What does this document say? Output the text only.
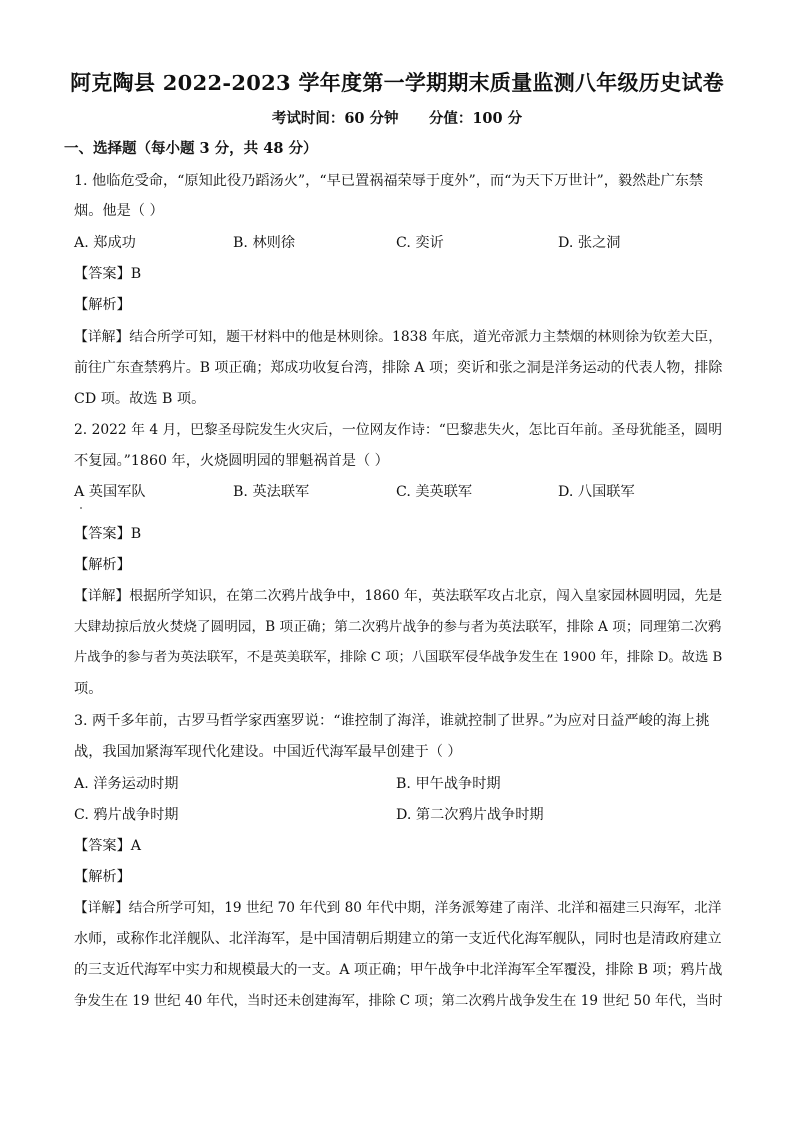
阿克陶县 2022-2023 学年度第一学期期末质量监测八年级历史试卷
考试时间：60 分钟      分值：100 分
一、选择题（每小题 3 分，共 48 分）
1. 他临危受命，“原知此役乃蹈汤火”，“早已置祸福荣辱于度外”，而“为天下万世计”，毅然赴广东禁
烟。他是（ ）
A. 郑成功	B. 林则徐	C. 奕䜣	D. 张之洞
【答案】B
【解析】
【详解】结合所学可知，题干材料中的他是林则徐。1838 年底，道光帝派力主禁烟的林则徐为钦差大臣，
前往广东查禁鸦片。B 项正确；郑成功收复台湾，排除 A 项；奕䜣和张之洞是洋务运动的代表人物，排除
CD 项。故选 B 项。
2. 2022 年 4 月，巴黎圣母院发生火灾后，一位网友作诗：“巴黎悲失火，怎比百年前。圣母犹能圣，圆明
不复园。”1860 年，火烧圆明园的罪魁祸首是（ ）
A 英国军队	B. 英法联军	C. 美英联军	D. 八国联军
【答案】B
【解析】
【详解】根据所学知识，在第二次鸦片战争中，1860 年，英法联军攻占北京，闯入皇家园林圆明园，先是
大肆劫掠后放火焚烧了圆明园，B 项正确；第二次鸦片战争的参与者为英法联军，排除 A 项；同理第二次鸦
片战争的参与者为英法联军，不是英美联军，排除 C 项；八国联军侵华战争发生在 1900 年，排除 D。故选 B
项。
3. 两千多年前，古罗马哲学家西塞罗说：“谁控制了海洋，谁就控制了世界。”为应对日益严峻的海上挑
战，我国加紧海军现代化建设。中国近代海军最早创建于（ ）
A. 洋务运动时期	B. 甲午战争时期
C. 鸦片战争时期	D. 第二次鸦片战争时期
【答案】A
【解析】
【详解】结合所学可知，19 世纪 70 年代到 80 年代中期，洋务派筹建了南洋、北洋和福建三只海军，北洋
水师，或称作北洋舰队、北洋海军，是中国清朝后期建立的第一支近代化海军舰队，同时也是清政府建立
的三支近代海军中实力和规模最大的一支。A 项正确；甲午战争中北洋海军全军覆没，排除 B 项；鸦片战
争发生在 19 世纪 40 年代，当时还未创建海军，排除 C 项；第二次鸦片战争发生在 19 世纪 50 年代，当时
